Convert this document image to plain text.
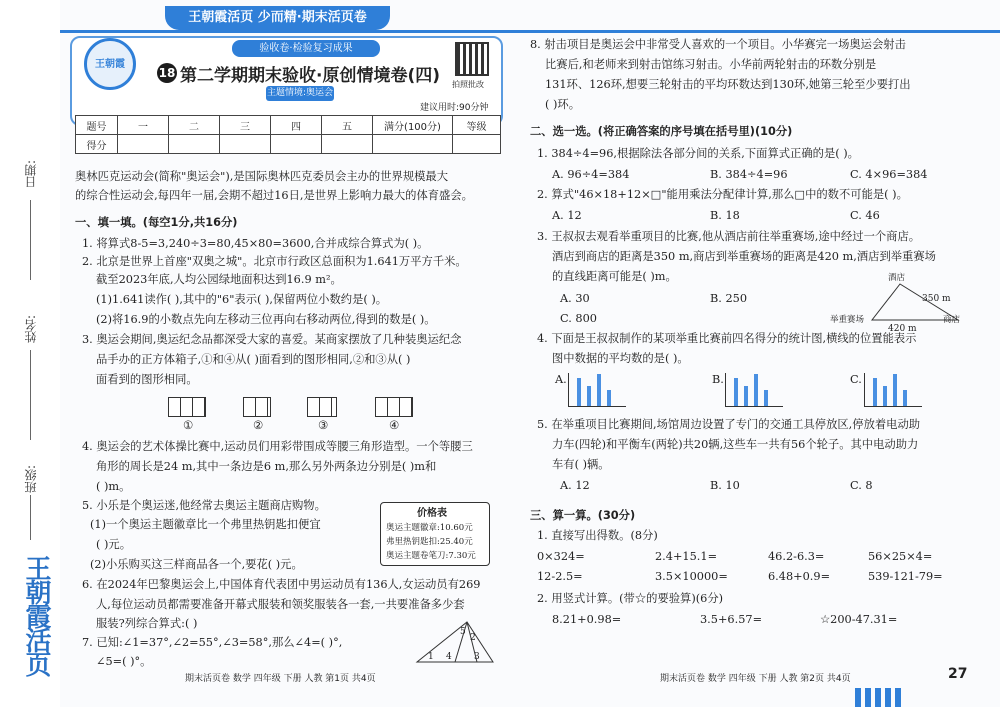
日期:
姓名:
班级:
王朝霞活页
王朝霞活页 少而精·期末活页卷
王朝霞
验收卷·检验复习成果
18 第二学期期末验收·原创情境卷(四)
主题情境:奥运会
拍照批改
建议用时:90分钟
题号	一	二	三	四	五	满分(100分)	等级
得分							
奥林匹克运动会(简称"奥运会"),是国际奥林匹克委员会主办的世界规模最大
的综合性运动会,每四年一届,会期不超过16日,是世界上影响力最大的体育盛会。
一、填一填。(每空1分,共16分)
1. 将算式8-5=3,240÷3=80,45×80=3600,合并成综合算式为( )。
2. 北京是世界上首座"双奥之城"。北京市行政区总面积为1.641万平方千米。
截至2023年底,人均公园绿地面积达到16.9 m²。
(1)1.641读作( ),其中的"6"表示( ),保留两位小数约是( )。
(2)将16.9的小数点先向左移动三位再向右移动两位,得到的数是( )。
3. 奥运会期间,奥运纪念品都深受大家的喜爱。某商家摆放了几种装奥运纪念
品手办的正方体箱子,①和④从( )面看到的图形相同,②和③从( )
面看到的图形相同。
①	②	③	④
4. 奥运会的艺术体操比赛中,运动员们用彩带围成等腰三角形造型。一个等腰三
角形的周长是24 m,其中一条边是6 m,那么另外两条边分别是( )m和
( )m。
5. 小乐是个奥运迷,他经常去奥运主题商店购物。
(1)一个奥运主题徽章比一个弗里热钥匙扣便宜
( )元。
(2)小乐购买这三样商品各一个,要花( )元。
价格表
奥运主题徽章:10.60元
弗里热钥匙扣:25.40元
奥运主题卷笔刀:7.30元
6. 在2024年巴黎奥运会上,中国体育代表团中男运动员有136人,女运动员有269
人,每位运动员都需要准备开幕式服装和领奖服装各一套,一共要准备多少套
服装?列综合算式:( )
7. 已知:∠1=37°,∠2=55°,∠3=58°,那么∠4=( )°,
∠5=( )°。
5
2
4 3
1
期末活页卷 数学 四年级 下册 人教 第1页 共4页
8. 射击项目是奥运会中非常受人喜欢的一个项目。小华赛完一场奥运会射击
比赛后,和老师来到射击馆练习射击。小华前两轮射击的环数分别是
131环、126环,想要三轮射击的平均环数达到130环,她第三轮至少要打出
( )环。
二、选一选。(将正确答案的序号填在括号里)(10分)
1. 384÷4=96,根据除法各部分间的关系,下面算式正确的是( )。
A. 96÷4=384	B. 384÷4=96	C. 4×96=384
2. 算式"46×18+12×□"能用乘法分配律计算,那么□中的数不可能是( )。
A. 12	B. 18	C. 46
3. 王叔叔去观看举重项目的比赛,他从酒店前往举重赛场,途中经过一个商店。
酒店到商店的距离是350 m,商店到举重赛场的距离是420 m,酒店到举重赛场
的直线距离可能是( )m。
A. 30	B. 250
C. 800
酒店
举重赛场	商店
350 m
420 m
4. 下面是王叔叔制作的某项举重比赛前四名得分的统计图,横线的位置能表示
图中数据的平均数的是( )。
A.	B.	C.
5. 在举重项目比赛期间,场馆周边设置了专门的交通工具停放区,停放着电动助
力车(四轮)和平衡车(两轮)共20辆,这些车一共有56个轮子。其中电动助力
车有( )辆。
A. 12	B. 10	C. 8
三、算一算。(30分)
1. 直接写出得数。(8分)
0×324=	2.4+15.1=	46.2-6.3=	56×25×4=
12-2.5=	3.5×10000=	6.48+0.9=	539-121-79=
2. 用竖式计算。(带☆的要验算)(6分)
8.21+0.98=	3.5+6.57=	☆200-47.31=
期末活页卷 数学 四年级 下册 人教 第2页 共4页	27
